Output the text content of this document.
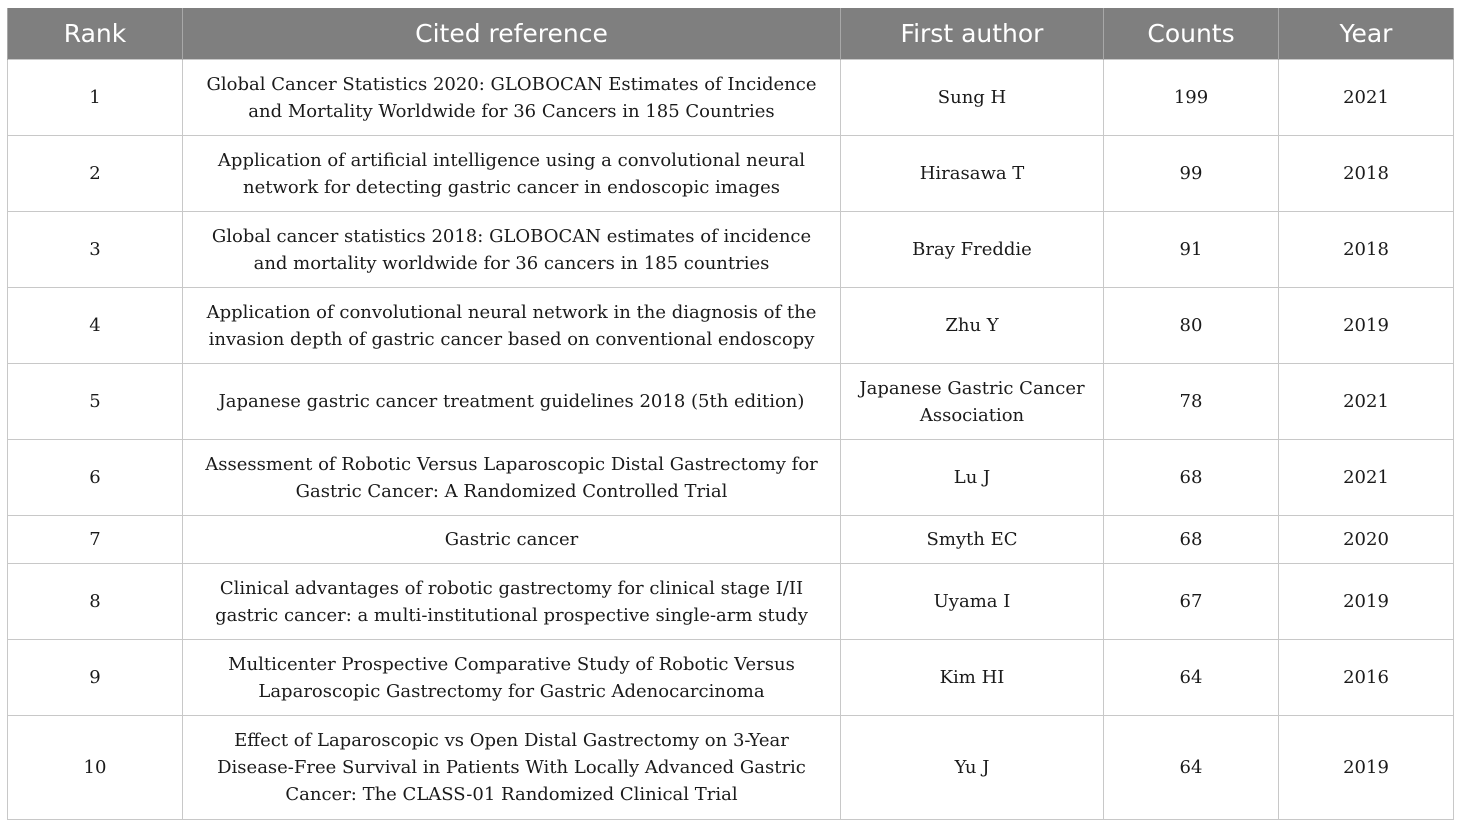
Rank	Cited reference	First author	Counts	Year
1	Global Cancer Statistics 2020: GLOBOCAN Estimates of Incidence and Mortality Worldwide for 36 Cancers in 185 Countries	Sung H	199	2021
2	Application of artificial intelligence using a convolutional neural network for detecting gastric cancer in endoscopic images	Hirasawa T	99	2018
3	Global cancer statistics 2018: GLOBOCAN estimates of incidence and mortality worldwide for 36 cancers in 185 countries	Bray Freddie	91	2018
4	Application of convolutional neural network in the diagnosis of the invasion depth of gastric cancer based on conventional endoscopy	Zhu Y	80	2019
5	Japanese gastric cancer treatment guidelines 2018 (5th edition)	Japanese Gastric Cancer Association	78	2021
6	Assessment of Robotic Versus Laparoscopic Distal Gastrectomy for Gastric Cancer: A Randomized Controlled Trial	Lu J	68	2021
7	Gastric cancer	Smyth EC	68	2020
8	Clinical advantages of robotic gastrectomy for clinical stage I/II gastric cancer: a multi-institutional prospective single-arm study	Uyama I	67	2019
9	Multicenter Prospective Comparative Study of Robotic Versus Laparoscopic Gastrectomy for Gastric Adenocarcinoma	Kim HI	64	2016
10	Effect of Laparoscopic vs Open Distal Gastrectomy on 3-Year Disease-Free Survival in Patients With Locally Advanced Gastric Cancer: The CLASS-01 Randomized Clinical Trial	Yu J	64	2019
